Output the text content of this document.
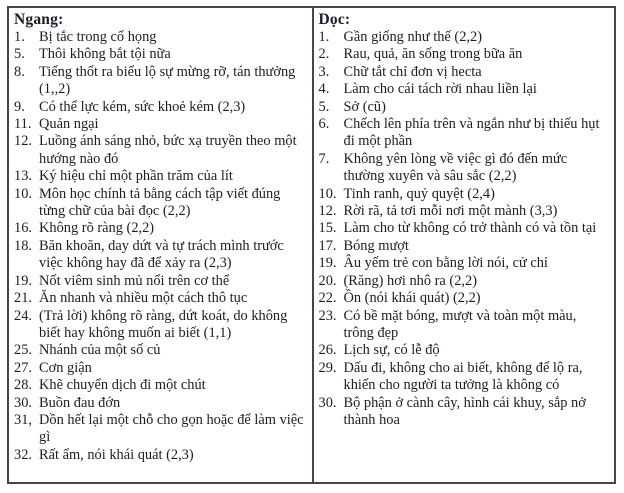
Ngang:
1. Bị tắc trong cổ họng
5. Thôi không bắt tội nữa
8. Tiếng thốt ra biểu lộ sự mừng rỡ, tán thưởng (1,,2)
9. Có thể lực kém, sức khoẻ kém (2,3)
11. Quản ngại
12. Luồng ánh sáng nhỏ, bức xạ truyền theo một hướng nào đó
13. Ký hiệu chỉ một phần trăm của lít
10. Môn học chính tả bằng cách tập viết đúng từng chữ của bài đọc (2,2)
16. Không rõ ràng (2,2)
18. Băn khoăn, day dứt và tự trách mình trước việc không hay đã để xảy ra (2,3)
19. Nốt viêm sinh mủ nổi trên cơ thể
21. Ăn nhanh và nhiều một cách thô tục
24. (Trả lời) không rõ ràng, dứt koát, do không biết hay không muốn ai biết (1,1)
25. Nhánh của một số củ
27. Cơn giận
28. Khẽ chuyển dịch đi một chút
30. Buồn đau đớn
31, Dồn hết lại một chỗ cho gọn hoặc để làm việc gì
32. Rất ẩm, nói khái quát (2,3)
Dọc:
1. Gần giống như thế (2,2)
2. Rau, quả, ăn sống trong bữa ăn
3. Chữ tắt chỉ đơn vị hecta
4. Làm cho cái tách rời nhau liền lại
5. Sở (cũ)
6. Chếch lên phía trên và ngắn như bị thiếu hụt đi một phần
7. Không yên lòng về việc gì đó đến mức thường xuyên và sâu sắc (2,2)
10. Tinh ranh, quỷ quyệt (2,4)
12. Rời rã, tả tơi mỗi nơi một mành (3,3)
15. Làm cho từ không có trở thành có và tồn tại
17. Bóng mượt
19. Âu yếm trẻ con bằng lời nói, cử chỉ
20. (Răng) hơi nhô ra (2,2)
22. Ồn (nói khái quát) (2,2)
23. Có bề mặt bóng, mượt và toàn một màu, trông đẹp
26. Lịch sự, có lễ độ
29. Dấu đi, không cho ai biết, không để lộ ra, khiến cho người ta tưởng là không có
30. Bộ phận ở cành cây, hình cái khuy, sắp nở thành hoa
